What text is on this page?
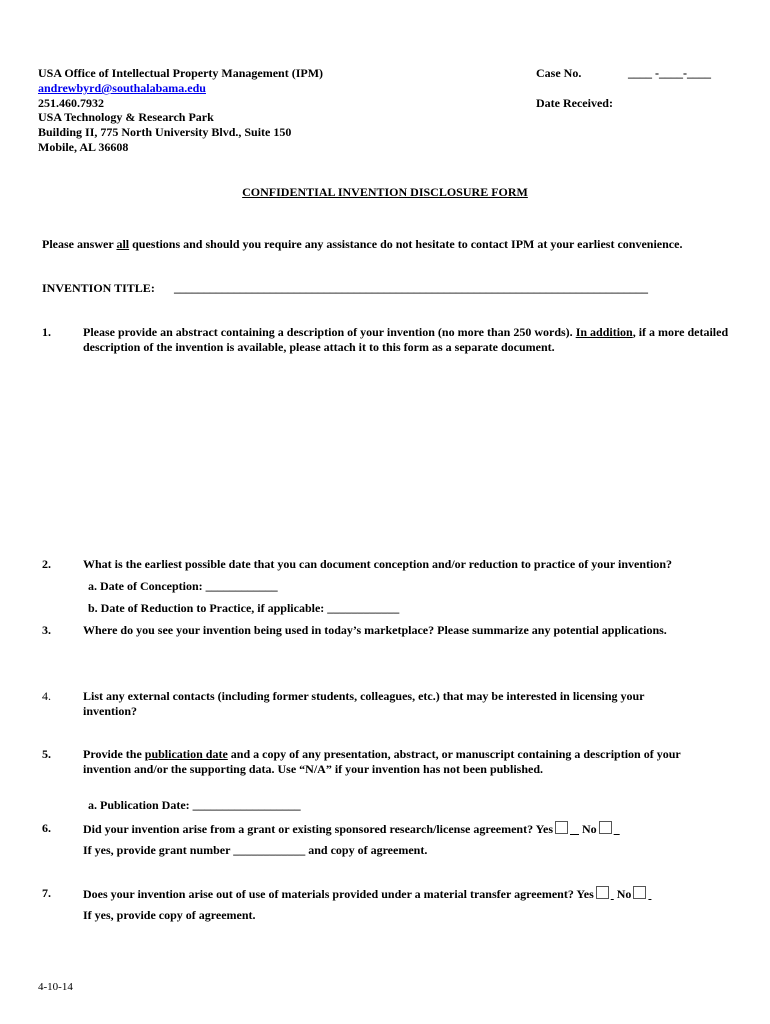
USA Office of Intellectual Property Management (IPM)
andrewbyrd@southalabama.edu
251.460.7932
USA Technology & Research Park
Building II, 775 North University Blvd., Suite 150
Mobile, AL 36608
Case No.	____ -____-____
Date Received:
CONFIDENTIAL INVENTION DISCLOSURE FORM
Please answer all questions and should you require any assistance do not hesitate to contact IPM at your earliest convenience.
INVENTION TITLE: _______________________________________________________________________________
1.	Please provide an abstract containing a description of your invention (no more than 250 words). In addition, if a more detailed description of the invention is available, please attach it to this form as a separate document.
2.	What is the earliest possible date that you can document conception and/or reduction to practice of your invention?
a. Date of Conception: ____________
b. Date of Reduction to Practice, if applicable: ____________
3.	Where do you see your invention being used in today’s marketplace? Please summarize any potential applications.
4.	List any external contacts (including former students, colleagues, etc.) that may be interested in licensing your invention?
5.	Provide the publication date and a copy of any presentation, abstract, or manuscript containing a description of your invention and/or the supporting data. Use “N/A” if your invention has not been published.
a. Publication Date: __________________
6.	Did your invention arise from a grant or existing sponsored research/license agreement? Yes No
If yes, provide grant number ____________ and copy of agreement.
7.	Does your invention arise out of use of materials provided under a material transfer agreement? Yes No
If yes, provide copy of agreement.
4-10-14
